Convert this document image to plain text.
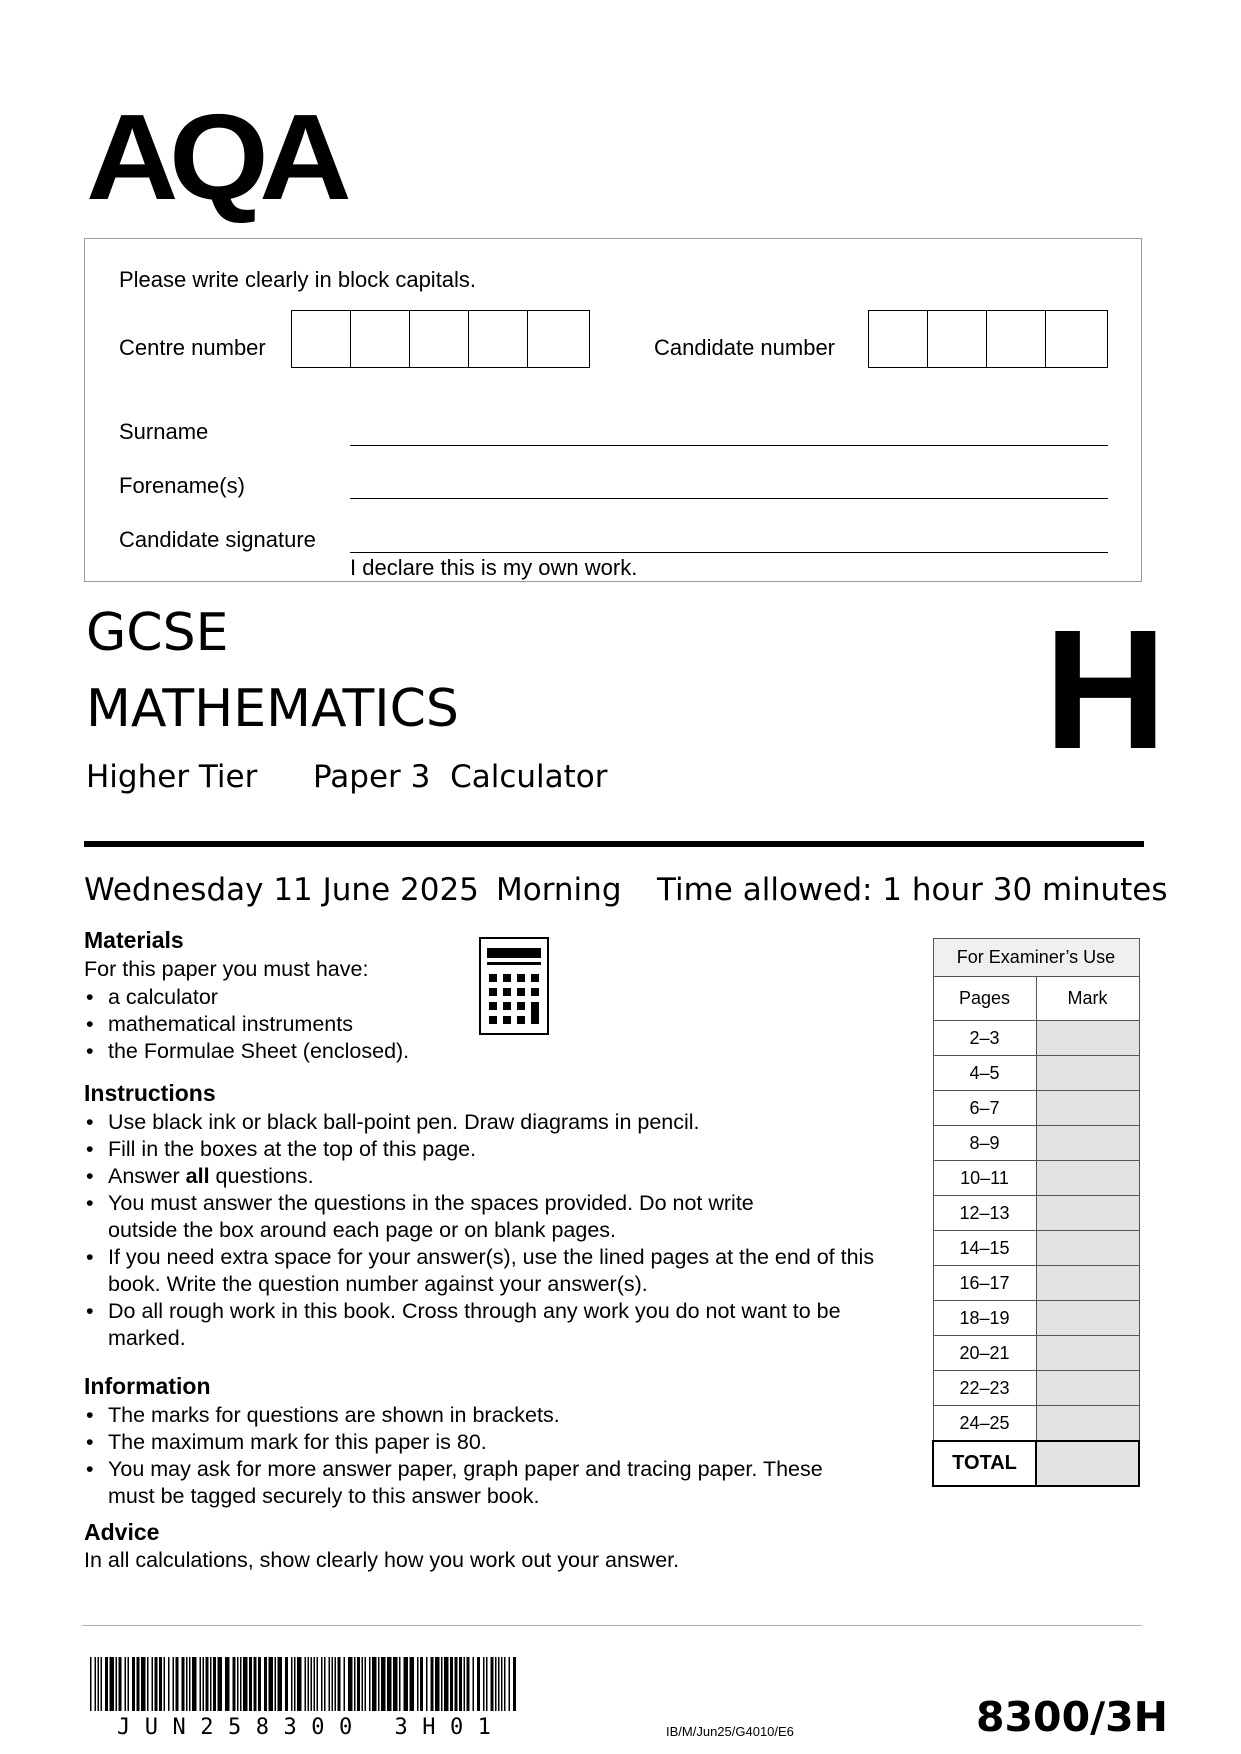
AQA
Please write clearly in block capitals.
Centre number	Candidate number
Surname
Forename(s)
Candidate signature
I declare this is my own work.
GCSE
MATHEMATICS
Higher Tier Paper 3  Calculator	H
Wednesday 11 June 2025 Morning Time allowed: 1 hour 30 minutes
Materials
For this paper you must have:
• a calculator
• mathematical instruments
• the Formulae Sheet (enclosed).
Instructions
• Use black ink or black ball-point pen. Draw diagrams in pencil.
• Fill in the boxes at the top of this page.
• Answer all questions.
• You must answer the questions in the spaces provided. Do not write outside the box around each page or on blank pages.
• If you need extra space for your answer(s), use the lined pages at the end of this book. Write the question number against your answer(s).
• Do all rough work in this book. Cross through any work you do not want to be marked.
Information
• The marks for questions are shown in brackets.
• The maximum mark for this paper is 80.
• You may ask for more answer paper, graph paper and tracing paper. These must be tagged securely to this answer book.
Advice
In all calculations, show clearly how you work out your answer.
For Examiner’s Use	
Pages	Mark
2–3	
4–5	
6–7	
8–9	
10–11	
12–13	
14–15	
16–17	
18–19	
20–21	
22–23	
24–25	
TOTAL	
JUN258300 3H01	IB/M/Jun25/G4010/E6	8300/3H
